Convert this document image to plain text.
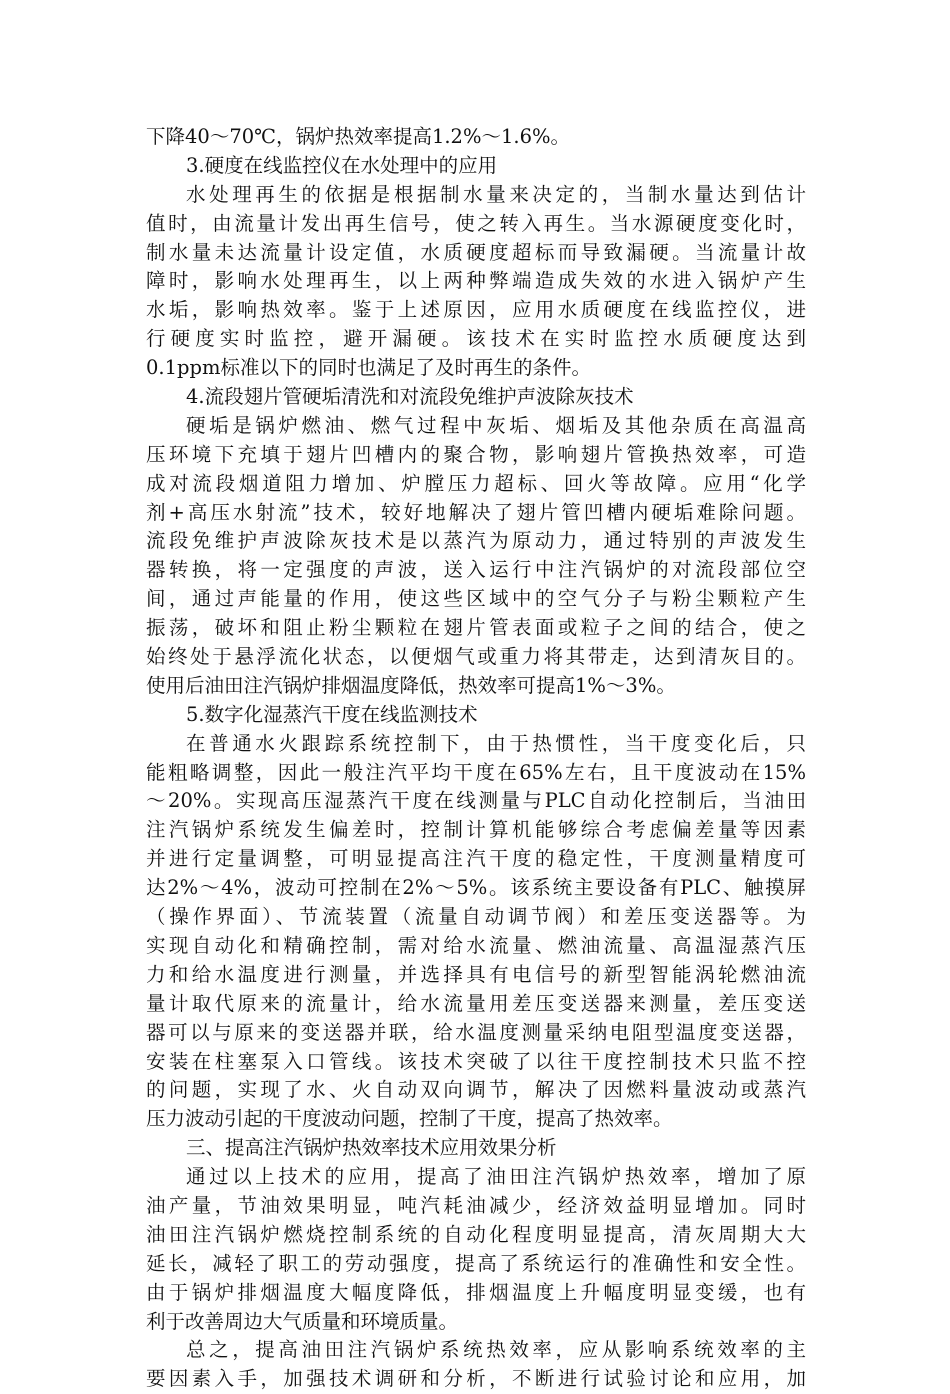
下降40～70℃，锅炉热效率提高1.2%～1.6%。
3.硬度在线监控仪在水处理中的应用
水处理再生的依据是根据制水量来决定的，当制水量达到估计
值时，由流量计发出再生信号，使之转入再生。当水源硬度变化时，
制水量未达流量计设定值，水质硬度超标而导致漏硬。当流量计故
障时，影响水处理再生，以上两种弊端造成失效的水进入锅炉产生
水垢，影响热效率。鉴于上述原因，应用水质硬度在线监控仪，进
行硬度实时监控，避开漏硬。该技术在实时监控水质硬度达到
0.1ppm标准以下的同时也满足了及时再生的条件。
4.流段翅片管硬垢清洗和对流段免维护声波除灰技术
硬垢是锅炉燃油、燃气过程中灰垢、烟垢及其他杂质在高温高
压环境下充填于翅片凹槽内的聚合物，影响翅片管换热效率，可造
成对流段烟道阻力增加、炉膛压力超标、回火等故障。应用“化学
剂+高压水射流”技术，较好地解决了翅片管凹槽内硬垢难除问题。
流段免维护声波除灰技术是以蒸汽为原动力，通过特别的声波发生
器转换，将一定强度的声波，送入运行中注汽锅炉的对流段部位空
间，通过声能量的作用，使这些区域中的空气分子与粉尘颗粒产生
振荡，破坏和阻止粉尘颗粒在翅片管表面或粒子之间的结合，使之
始终处于悬浮流化状态，以便烟气或重力将其带走，达到清灰目的。
使用后油田注汽锅炉排烟温度降低，热效率可提高1%～3%。
5.数字化湿蒸汽干度在线监测技术
在普通水火跟踪系统控制下，由于热惯性，当干度变化后，只
能粗略调整，因此一般注汽平均干度在65%左右，且干度波动在15%
～20%。实现高压湿蒸汽干度在线测量与PLC自动化控制后，当油田
注汽锅炉系统发生偏差时，控制计算机能够综合考虑偏差量等因素
并进行定量调整，可明显提高注汽干度的稳定性，干度测量精度可
达2%～4%，波动可控制在2%～5%。该系统主要设备有PLC、触摸屏
（操作界面）、节流装置（流量自动调节阀）和差压变送器等。为
实现自动化和精确控制，需对给水流量、燃油流量、高温湿蒸汽压
力和给水温度进行测量，并选择具有电信号的新型智能涡轮燃油流
量计取代原来的流量计，给水流量用差压变送器来测量，差压变送
器可以与原来的变送器并联，给水温度测量采纳电阻型温度变送器，
安装在柱塞泵入口管线。该技术突破了以往干度控制技术只监不控
的问题，实现了水、火自动双向调节，解决了因燃料量波动或蒸汽
压力波动引起的干度波动问题，控制了干度，提高了热效率。
三、提高注汽锅炉热效率技术应用效果分析
通过以上技术的应用，提高了油田注汽锅炉热效率，增加了原
油产量，节油效果明显，吨汽耗油减少，经济效益明显增加。同时
油田注汽锅炉燃烧控制系统的自动化程度明显提高，清灰周期大大
延长，减轻了职工的劳动强度，提高了系统运行的准确性和安全性。
由于锅炉排烟温度大幅度降低，排烟温度上升幅度明显变缓，也有
利于改善周边大气质量和环境质量。
总之，提高油田注汽锅炉系统热效率，应从影响系统效率的主
要因素入手，加强技术调研和分析，不断进行试验讨论和应用，加
